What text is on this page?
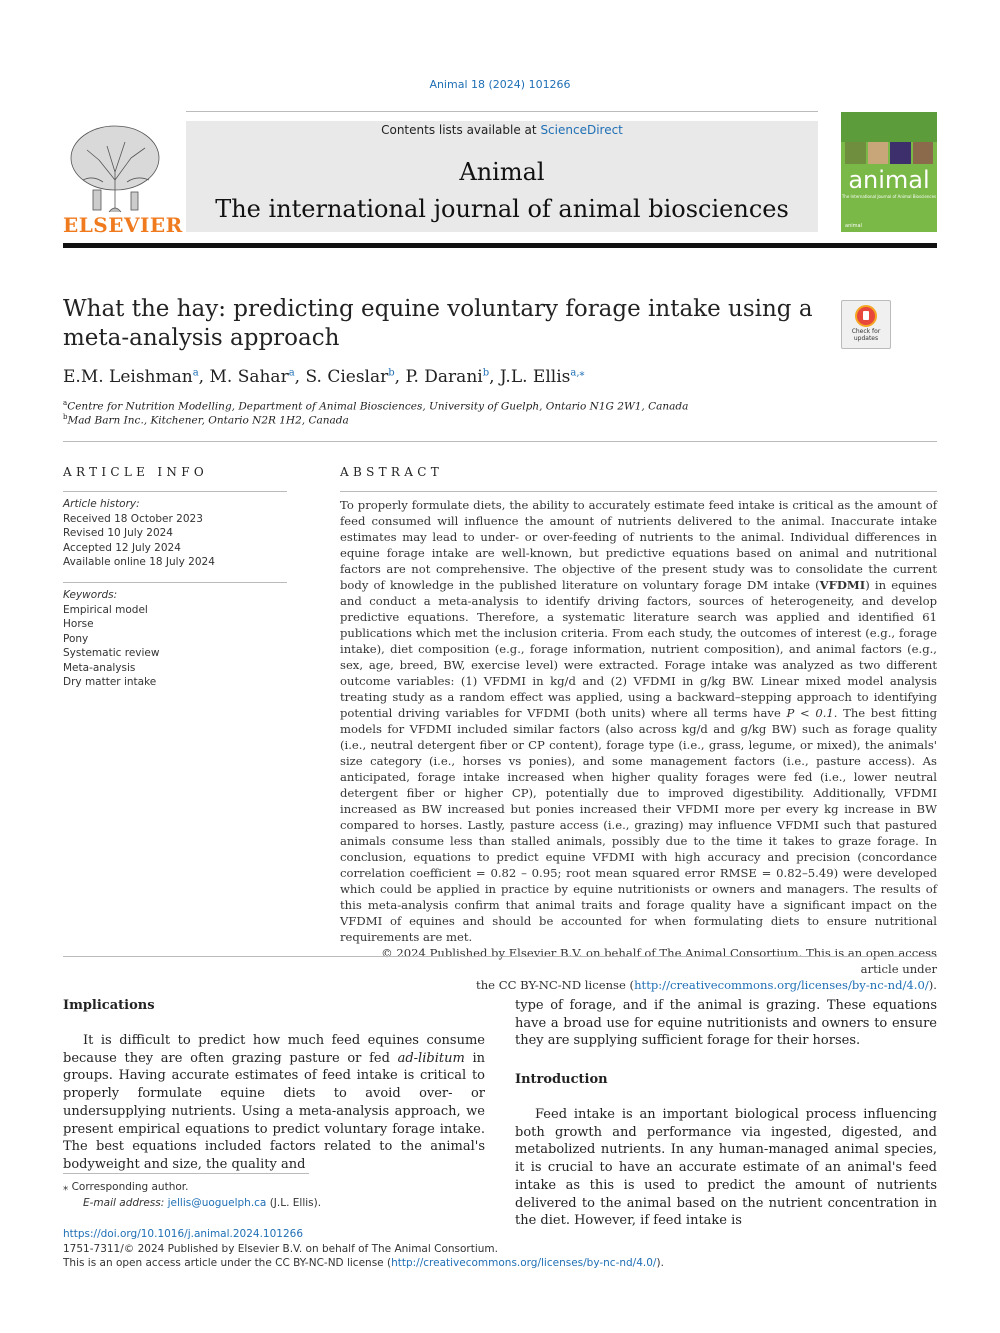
Animal 18 (2024) 101266
ELSEVIER
Contents lists available at ScienceDirect
Animal
The international journal of animal biosciences
animal
The International Journal of Animal Biosciences
animal
What the hay: predicting equine voluntary forage intake using a meta-analysis approach	Check for updates
E.M. Leishman$^a$, M. Sahar$^a$, S. Cieslar$^b$, P. Darani$^b$, J.L. Ellis$^{a,⁎}$
$^a$Centre for Nutrition Modelling, Department of Animal Biosciences, University of Guelph, Ontario N1G 2W1, Canada
$^b$Mad Barn Inc., Kitchener, Ontario N2R 1H2, Canada
ARTICLE INFO
Article history:
Received 18 October 2023
Revised 10 July 2024
Accepted 12 July 2024
Available online 18 July 2024
Keywords:
Empirical model
Horse
Pony
Systematic review
Meta-analysis
Dry matter intake
ABSTRACT

To properly formulate diets, the ability to accurately estimate feed intake is critical as the amount of feed consumed will influence the amount of nutrients delivered to the animal. Inaccurate intake estimates may lead to under- or over-feeding of nutrients to the animal. Individual differences in equine forage intake are well-known, but predictive equations based on animal and nutritional factors are not comprehensive. The objective of the present study was to consolidate the current body of knowledge in the published literature on voluntary forage DM intake (VFDMI) in equines and conduct a meta-analysis to identify driving factors, sources of heterogeneity, and develop predictive equations. Therefore, a systematic literature search was applied and identified 61 publications which met the inclusion criteria. From each study, the outcomes of interest (e.g., forage intake), diet composition (e.g., forage information, nutrient composition), and animal factors (e.g., sex, age, breed, BW, exercise level) were extracted. Forage intake was analyzed as two different outcome variables: (1) VFDMI in kg/d and (2) VFDMI in g/kg BW. Linear mixed model analysis treating study as a random effect was applied, using a backward–stepping approach to identifying potential driving variables for VFDMI (both units) where all terms have P < 0.1. The best fitting models for VFDMI included similar factors (also across kg/d and g/kg BW) such as forage quality (i.e., neutral detergent fiber or CP content), forage type (i.e., grass, legume, or mixed), the animals' size category (i.e., horses vs ponies), and some management factors (i.e., pasture access). As anticipated, forage intake increased when higher quality forages were fed (i.e., lower neutral detergent fiber or higher CP), potentially due to improved digestibility. Additionally, VFDMI increased as BW increased but ponies increased their VFDMI more per every kg increase in BW compared to horses. Lastly, pasture access (i.e., grazing) may influence VFDMI such that pastured animals consume less than stalled animals, possibly due to the time it takes to graze forage. In conclusion, equations to predict equine VFDMI with high accuracy and precision (concordance correlation coefficient = 0.82 – 0.95; root mean squared error RMSE = 0.82–5.49) were developed which could be applied in practice by equine nutritionists or owners and managers. The results of this meta-analysis confirm that animal traits and forage quality have a significant impact on the VFDMI of equines and should be accounted for when formulating diets to ensure nutritional requirements are met.

© 2024 Published by Elsevier B.V. on behalf of The Animal Consortium. This is an open access article under
the CC BY-NC-ND license (http://creativecommons.org/licenses/by-nc-nd/4.0/).

Implications

It is difficult to predict how much feed equines consume because they are often grazing pasture or fed ad-libitum in groups. Having accurate estimates of feed intake is critical to properly formulate equine diets to avoid over- or undersupplying nutrients. Using a meta-analysis approach, we present empirical equations to predict voluntary forage intake. The best equations included factors related to the animal's bodyweight and size, the quality and

type of forage, and if the animal is grazing. These equations have a broad use for equine nutritionists and owners to ensure they are supplying sufficient forage for their horses.

Introduction

Feed intake is an important biological process influencing both growth and performance via ingested, digested, and metabolized nutrients. In any human-managed animal species, it is crucial to have an accurate estimate of an animal's feed intake as this is used to predict the amount of nutrients delivered to the animal based on the nutrient concentration in the diet. However, if feed intake is

⁎ Corresponding author.
E-mail address: jellis@uoguelph.ca (J.L. Ellis).
https://doi.org/10.1016/j.animal.2024.101266
1751-7311/© 2024 Published by Elsevier B.V. on behalf of The Animal Consortium.
This is an open access article under the CC BY-NC-ND license (http://creativecommons.org/licenses/by-nc-nd/4.0/).
